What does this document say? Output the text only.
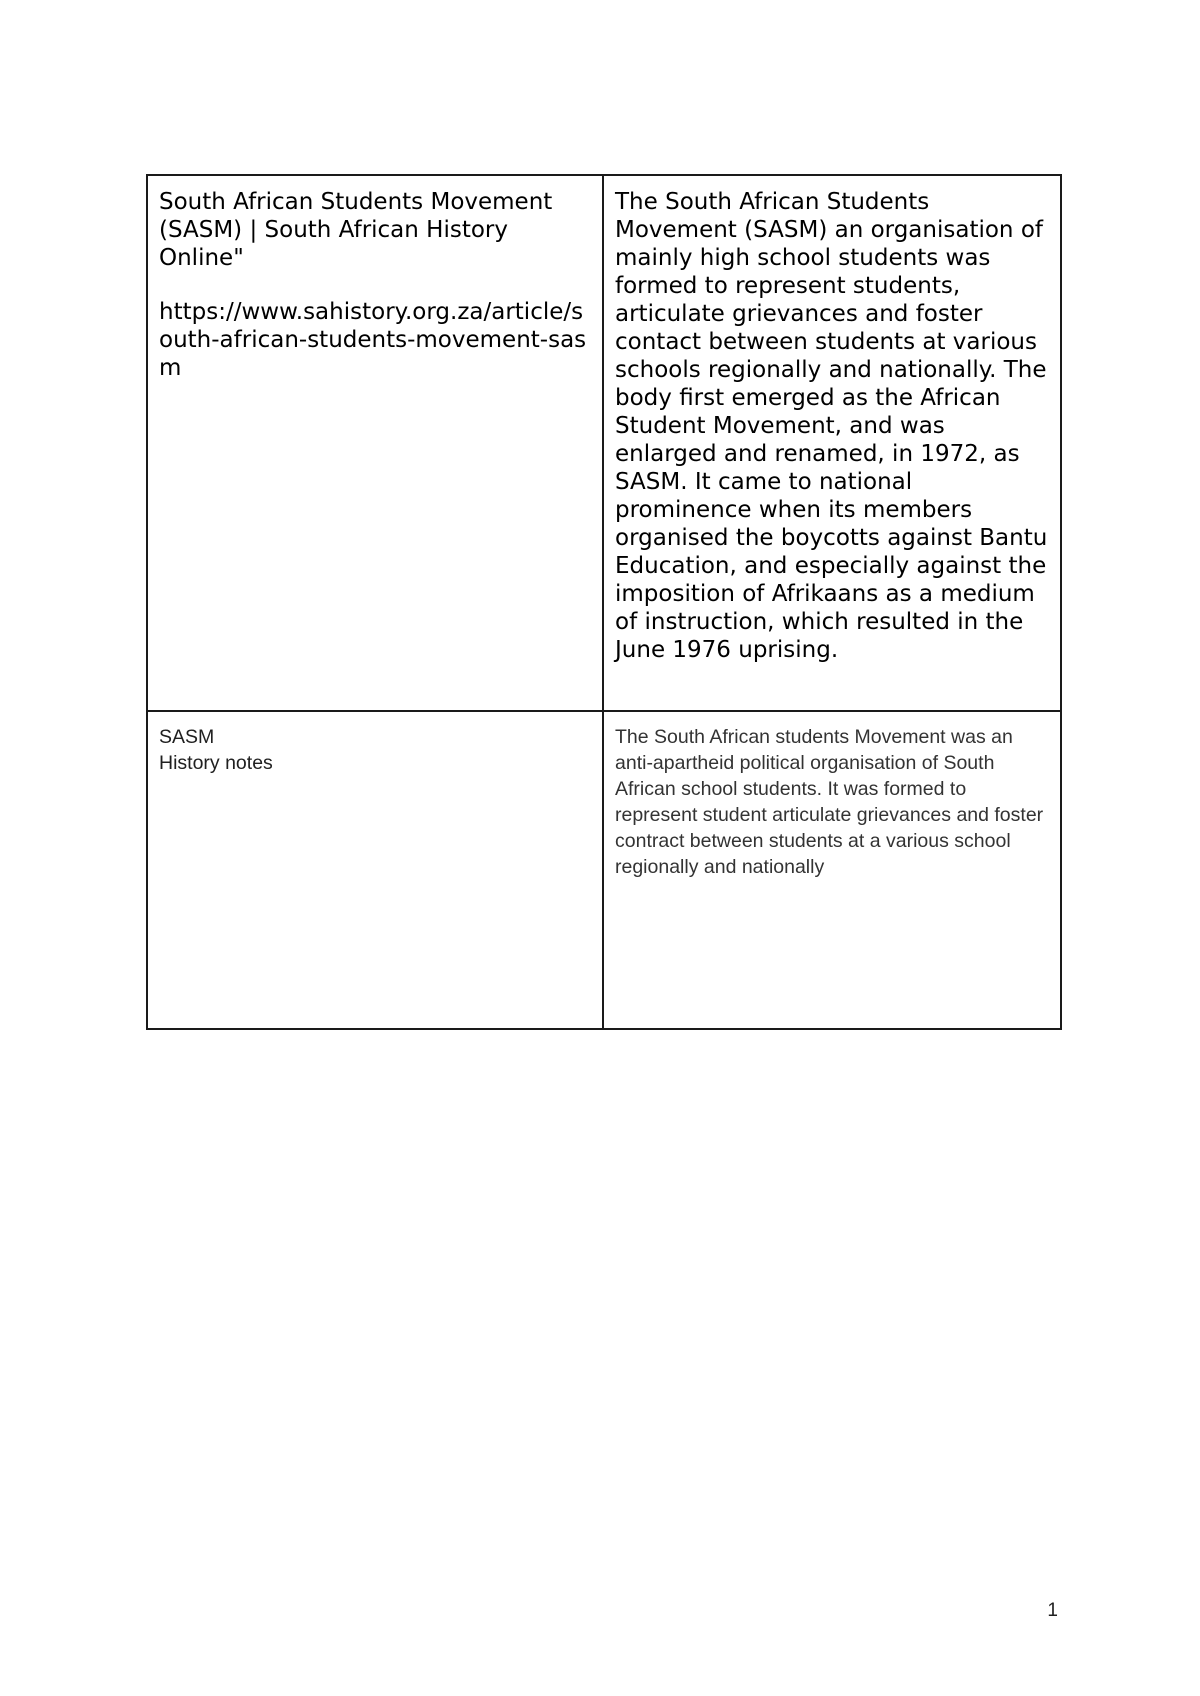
South African Students Movement (SASM) | South African History Online"

https://www.sahistory.org.za/article/south-african-students-movement-sasm	The South African Students Movement (SASM) an organisation of mainly high school students was formed to represent students, articulate grievances and foster contact between students at various schools regionally and nationally. The body first emerged as the African Student Movement, and was enlarged and renamed, in 1972, as SASM. It came to national prominence when its members organised the boycotts against Bantu Education, and especially against the imposition of Afrikaans as a medium of instruction, which resulted in the June 1976 uprising.

SASM

History notes	The South African students Movement was an anti-apartheid political organisation of South African school students. It was formed to represent student articulate grievances and foster contract between students at a various school regionally and nationally

1
